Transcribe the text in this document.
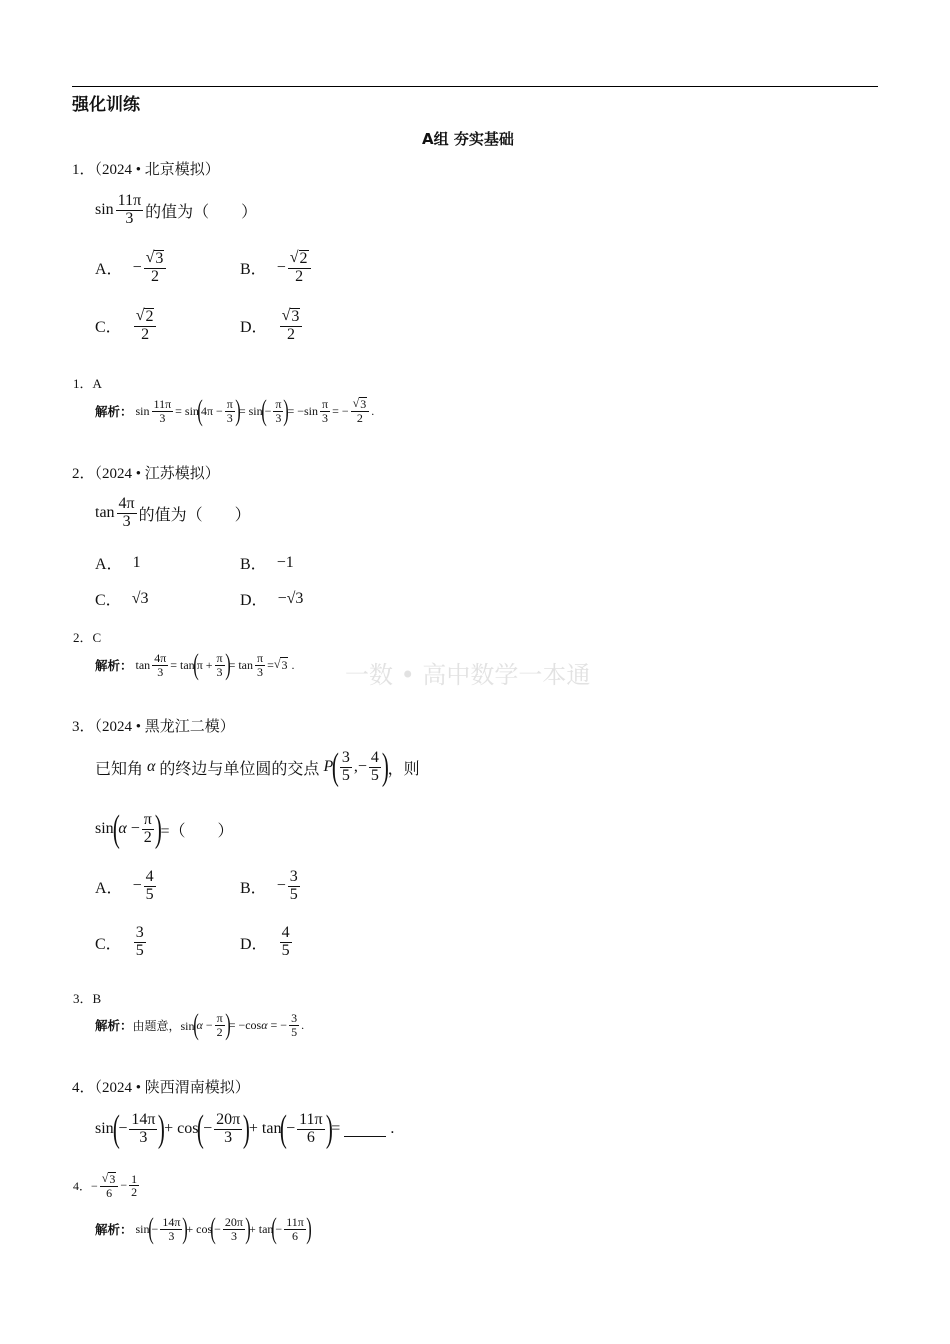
强化训练
A组 夯实基础
一数 • 高中数学一本通
1．（2024 • 北京模拟）
$\sin \frac{11\pi}{3}$ 的值为（　　）
A． − $\frac{√ 3}{2}$	B． − $\frac{√ 2}{2}$
C． $\frac{√ 2}{2}$	D． $\frac{√ 3}{2}$
1．A
解析： $\sin \frac{11\pi}{3} = \sin$
(
$4\pi - \frac{\pi}{3}$ )
= sin
(
− $\frac{\pi}{3}$ )
= $-\sin \frac{\pi}{3}$ = − $\frac{√ 3}{2}$ .
2．（2024 • 江苏模拟）
$\tan \frac{4\pi}{3}$ 的值为（　　）
A． 1	B． −1
C． √3	D． −√3
2．C
解析： $\tan \frac{4\pi}{3} = \tan$
(
$\pi + \frac{\pi}{3}$ )
= $\tan \frac{\pi}{3}$ = √ 3 .
3．（2024 • 黑龙江二模）
已知角 α 的终边与单位圆的交点 P
( $\frac{3}{5}$ ,− $\frac{4}{5}$ )
，则
sin
(
$\alpha - \frac{\pi}{2}$ )
=（　　）
A． − $\frac{4}{5}$	B． − $\frac{3}{5}$
C． $\frac{3}{5}$	D． $\frac{4}{5}$
3．B
解析： 由题意，sin
(
$\alpha - \frac{\pi}{2}$ )
= −cos α = − $\frac{3}{5}$ .
4．（2024 • 陕西渭南模拟）
sin
(
− $\frac{14\pi}{3}$ )
+ cos
(
− $\frac{20\pi}{3}$ )
+ tan
(
− $\frac{11\pi}{6}$ )
=	.
4．− $\frac{√ 3}{6} - \frac{1}{2}$
解析： sin
(
− $\frac{14\pi}{3}$ )
+ cos
(
− $\frac{20\pi}{3}$ )
+ tan
(
− $\frac{11\pi}{6}$ )
